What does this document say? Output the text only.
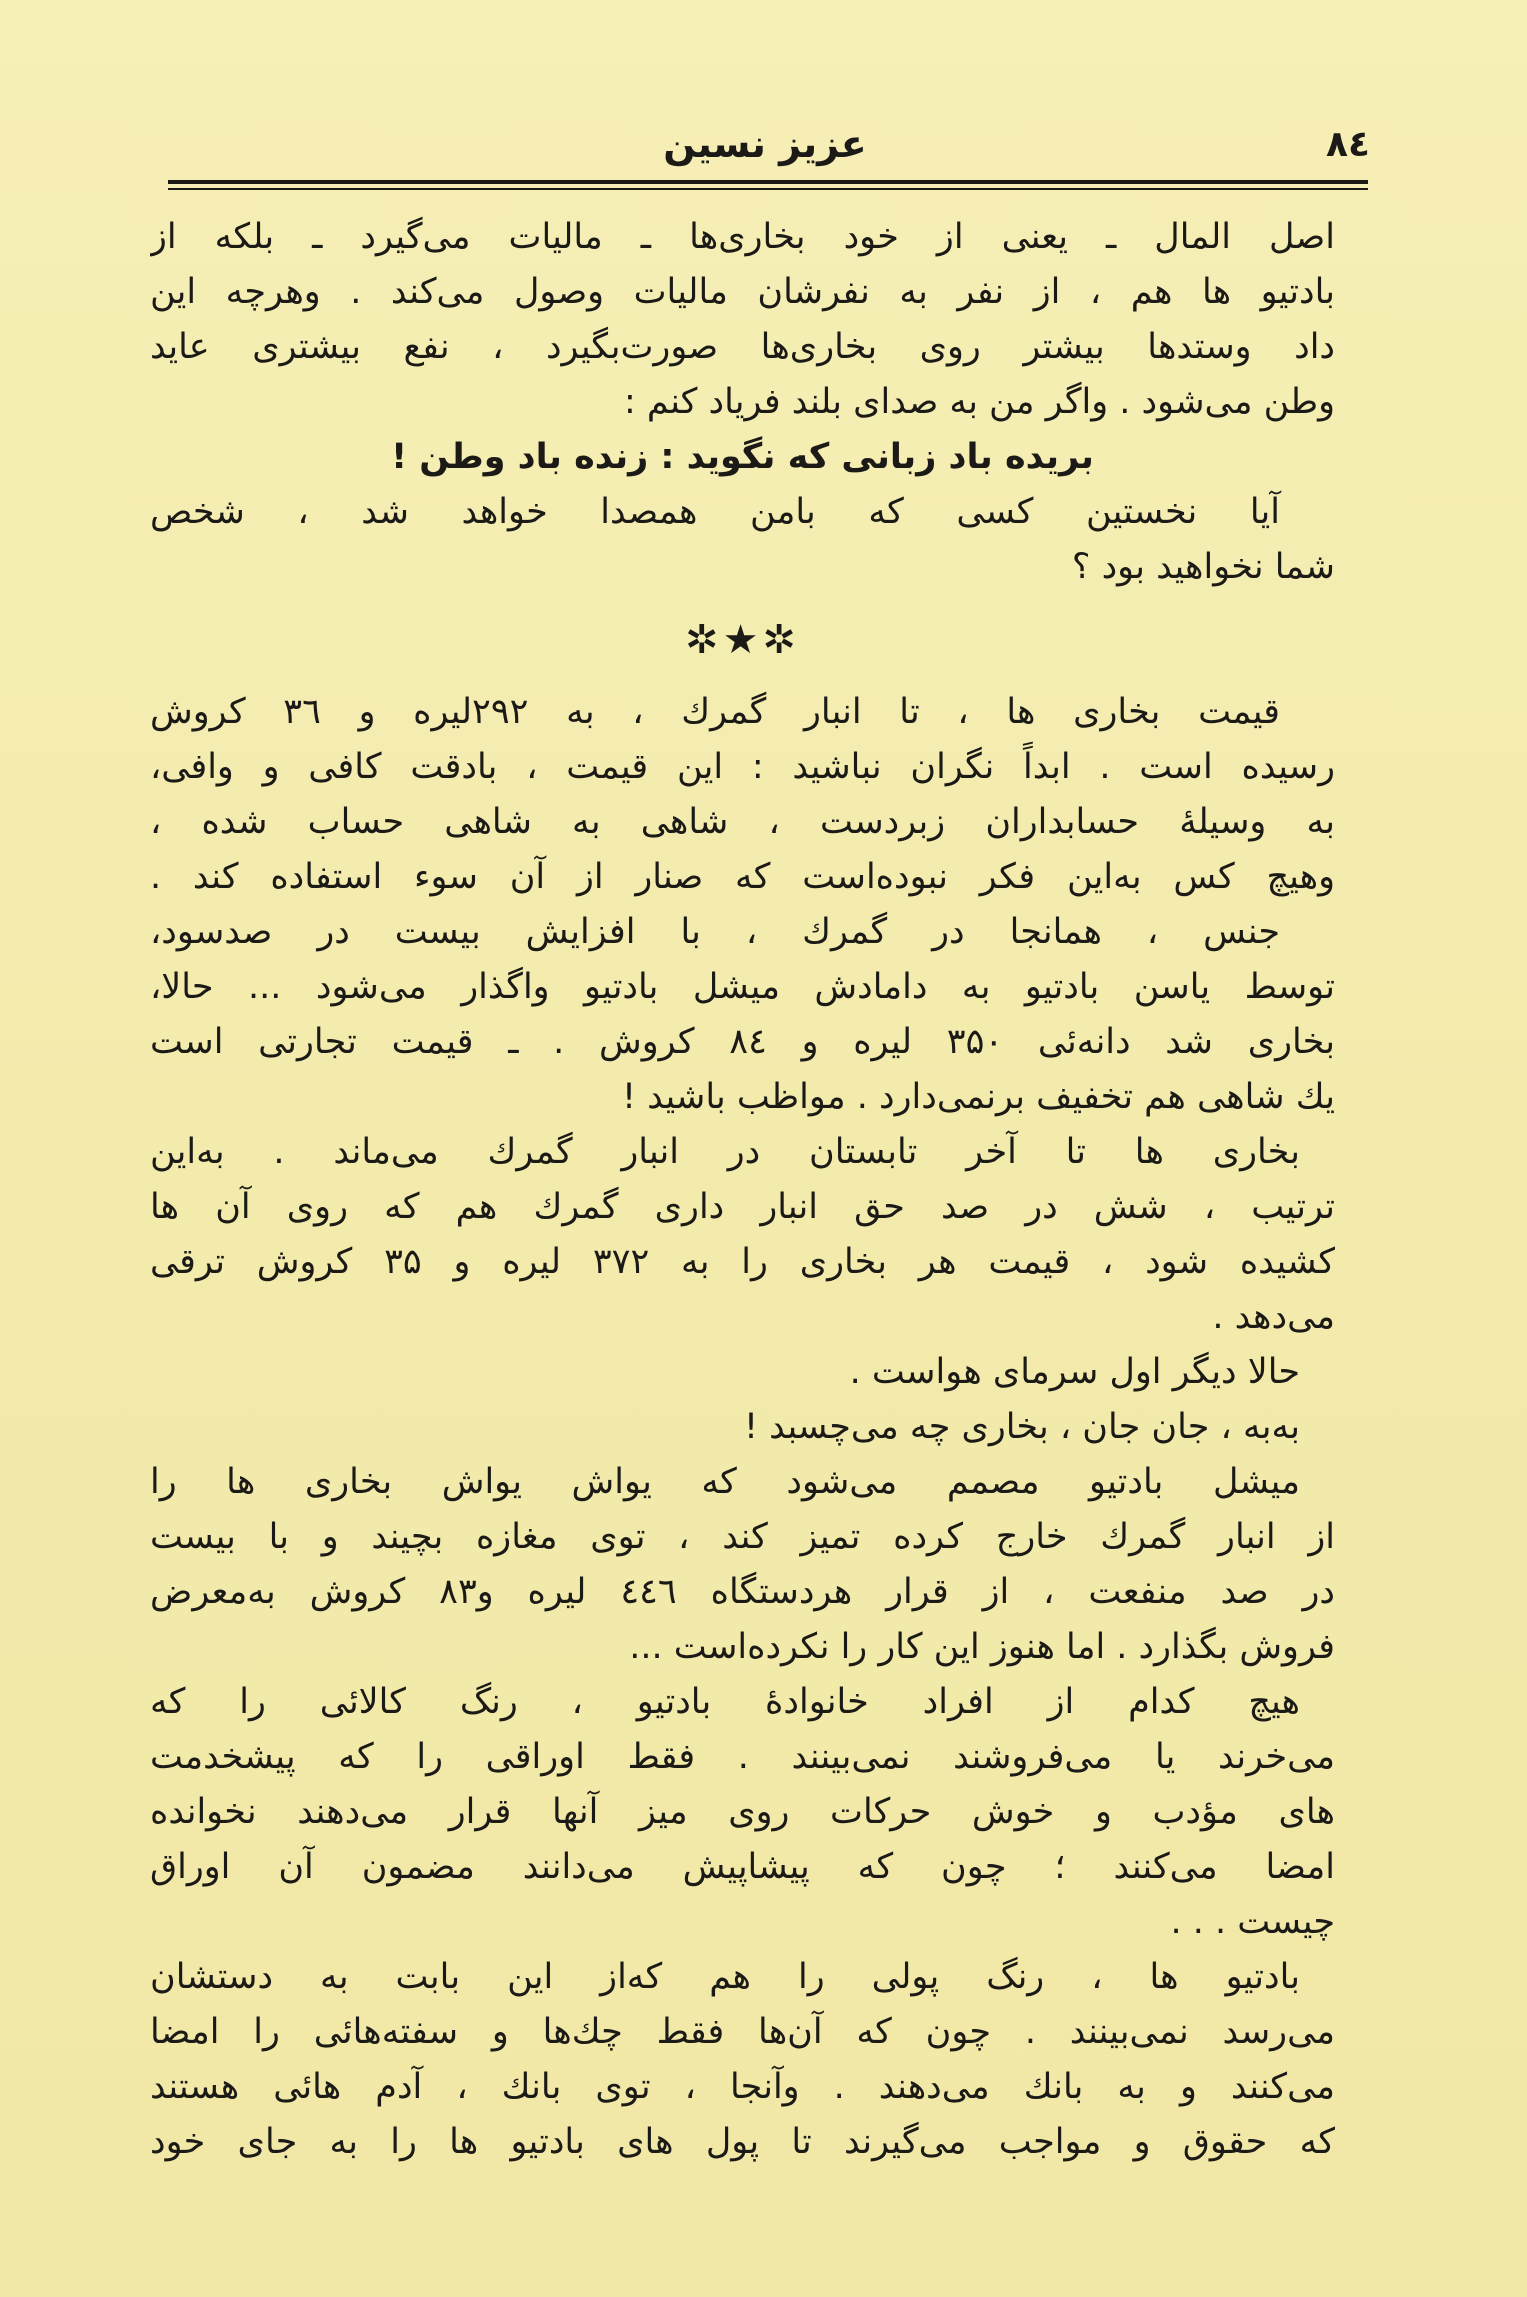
٨٤
عزیز نسین
اصل المال ـ یعنی از خود بخاری‌ها ـ مالیات می‌گیرد ـ بلکه از
بادتیو ها هم ، از نفر به نفرشان مالیات وصول می‌کند . وهرچه این
داد وستدها بیشتر روی بخاری‌ها صورت‌بگیرد ، نفع بیشتری عاید
وطن می‌شود . واگر من به صدای بلند فریاد کنم :
بریده باد زبانی که نگوید : زنده باد وطن !
آیا نخستین کسی که بامن همصدا خواهد شد ، شخص
شما نخواهید بود ؟
✲★✲
قیمت بخاری ها ، تا انبار گمرك ، به ۲۹۲لیره و ۳٦ کروش
رسیده است . ابداً نگران نباشید : این قیمت ، بادقت کافی و وافی،
به وسیلهٔ حسابداران زبردست ، شاهی به شاهی حساب شده ،
وهیچ کس به‌این فکر نبوده‌است که صنار از آن سوء استفاده کند .
جنس ، همانجا در گمرك ، با افزایش بیست در صدسود،
توسط یاسن بادتیو به دامادش میشل بادتیو واگذار می‌شود ... حالا،
بخاری شد دانه‌ئی ۳۵۰ لیره و ٨٤ کروش . ـ قیمت تجارتی است
یك شاهی هم تخفیف برنمی‌دارد . مواظب باشید !
بخاری ها تا آخر تابستان در انبار گمرك می‌ماند . به‌این
ترتیب ، شش در صد حق انبار داری گمرك هم که روی آن ها
کشیده شود ، قیمت هر بخاری را به ۳۷۲ لیره و ۳۵ کروش ترقی
می‌دهد .
حالا دیگر اول سرمای هواست .
به‌به ، جان جان ، بخاری چه می‌چسبد !
میشل بادتیو مصمم می‌شود که یواش یواش بخاری ها را
از انبار گمرك خارج کرده تمیز کند ، توی مغازه بچیند و با بیست
در صد منفعت ، از قرار هردستگاه ٤٤٦ لیره و۸۳ کروش به‌معرض
فروش بگذارد . اما هنوز این کار را نکرده‌است ...
هیچ کدام از افراد خانوادهٔ بادتیو ، رنگ کالائی را که
می‌خرند یا می‌فروشند نمی‌بینند . فقط اوراقی را که پیشخدمت
های مؤدب و خوش حرکات روی میز آنها قرار می‌دهند نخوانده
امضا می‌کنند ؛ چون که پیشاپیش می‌دانند مضمون آن اوراق
چیست . . .
بادتیو ها ، رنگ پولی را هم که‌از این بابت به دستشان
می‌رسد نمی‌بینند . چون که آن‌ها فقط چك‌ها و سفته‌هائی را امضا
می‌کنند و به بانك می‌دهند . وآنجا ، توی بانك ، آدم هائی هستند
که حقوق و مواجب می‌گیرند تا پول های بادتیو ها را به جای خود
